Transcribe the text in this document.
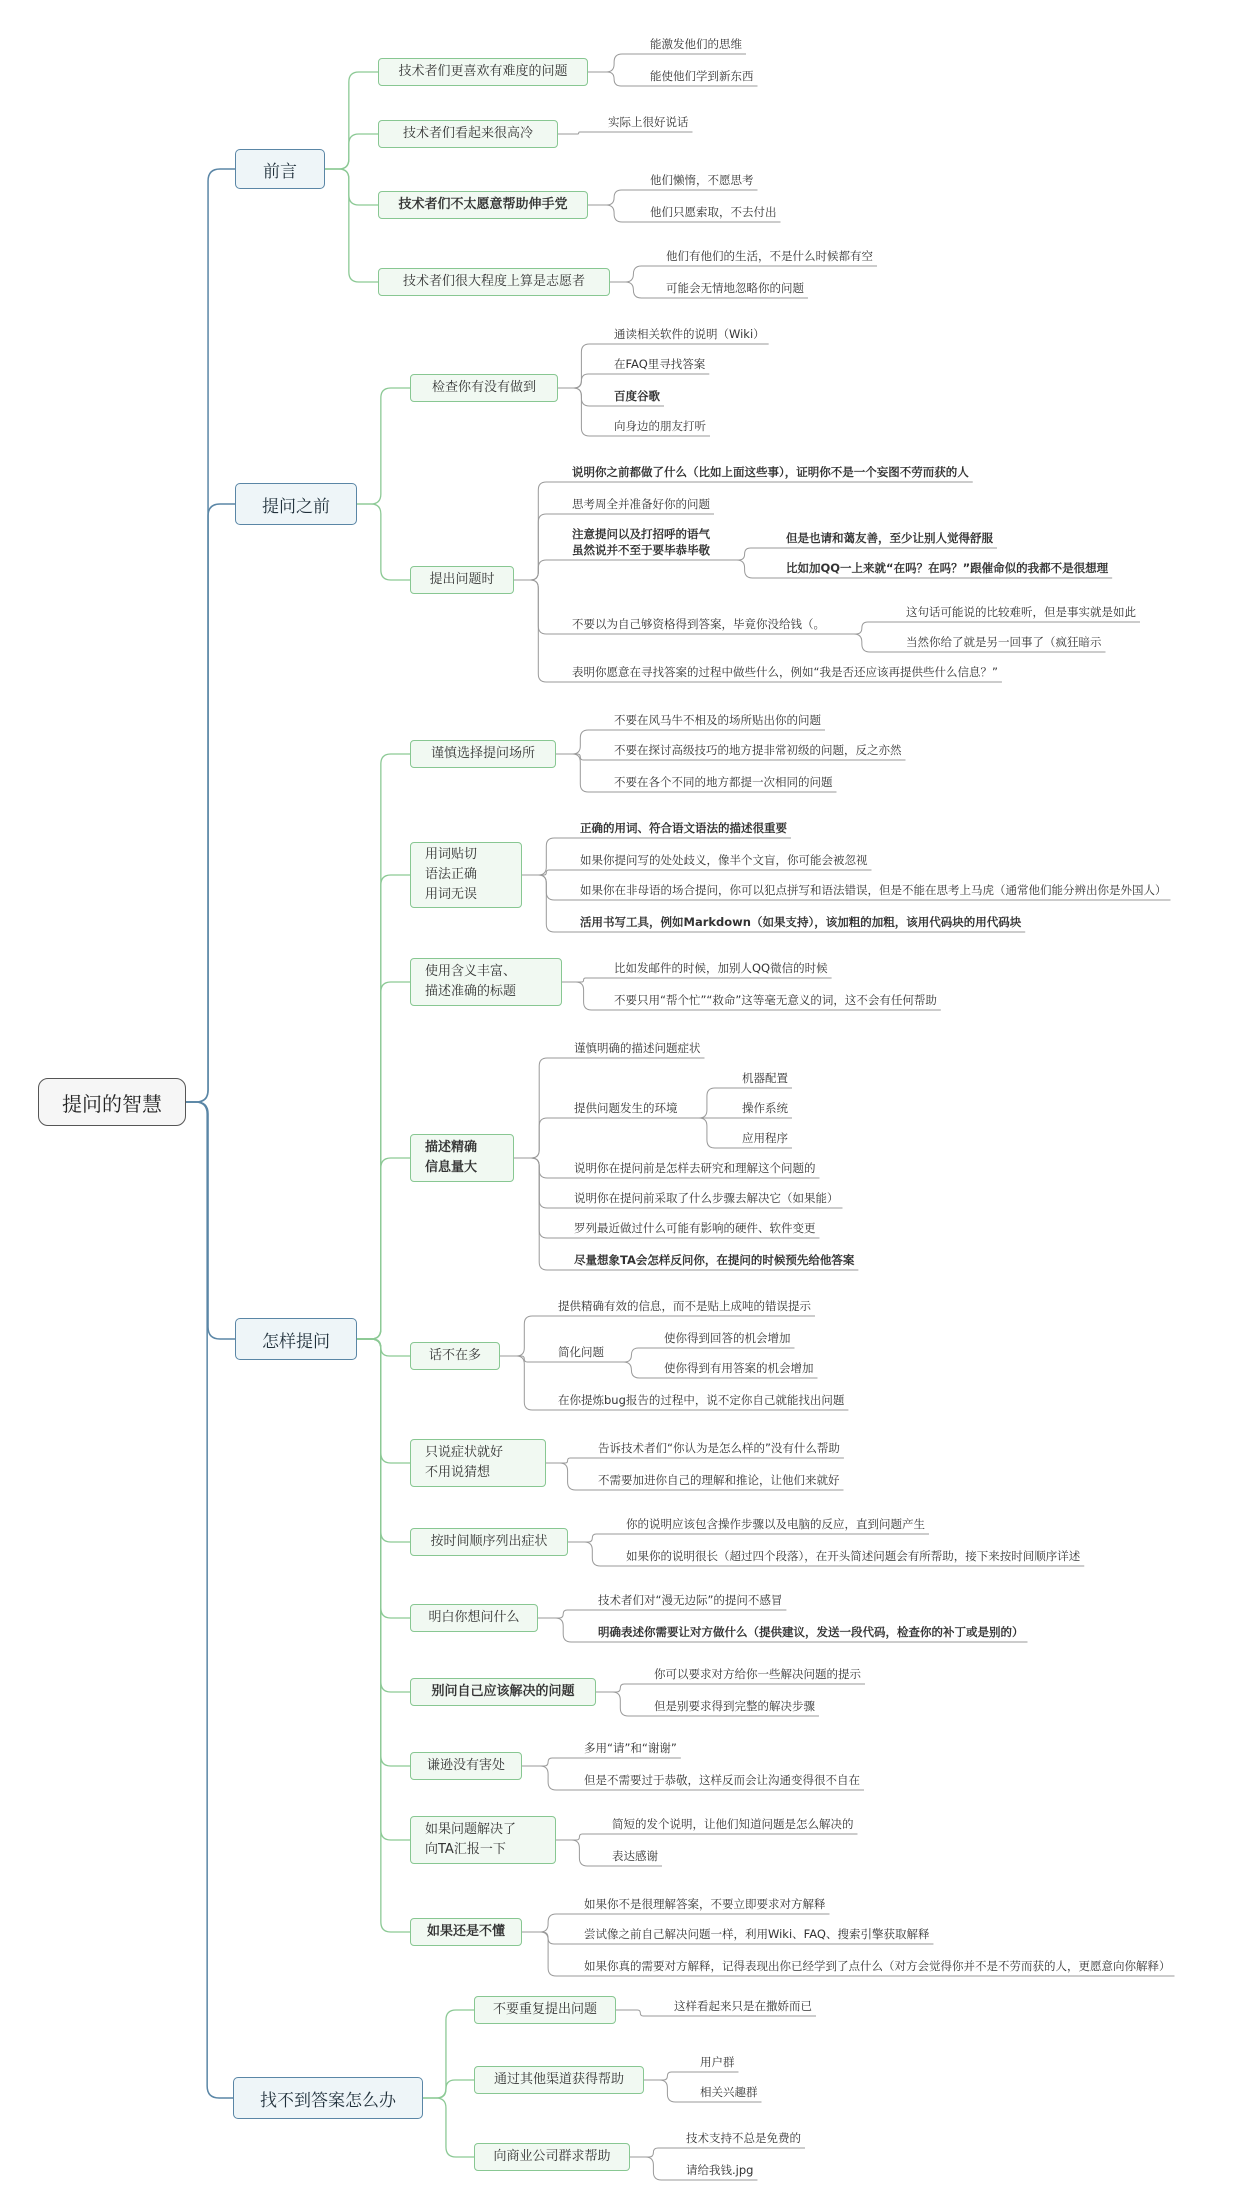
提问的智慧
前言
提问之前
怎样提问
找不到答案怎么办
技术者们更喜欢有难度的问题
技术者们看起来很高冷
技术者们不太愿意帮助伸手党
技术者们很大程度上算是志愿者
检查你有没有做到
提出问题时
谨慎选择提问场所
用词贴切
语法正确
用词无误
使用含义丰富、
描述准确的标题
描述精确
信息量大
话不在多
只说症状就好
不用说猜想
按时间顺序列出症状
明白你想问什么
别问自己应该解决的问题
谦逊没有害处
如果问题解决了
向TA汇报一下
如果还是不懂
不要重复提出问题
通过其他渠道获得帮助
向商业公司群求帮助
能激发他们的思维
能使他们学到新东西
实际上很好说话
他们懒惰，不愿思考
他们只愿索取，不去付出
他们有他们的生活，不是什么时候都有空
可能会无情地忽略你的问题
通读相关软件的说明（Wiki）
在FAQ里寻找答案
百度谷歌
向身边的朋友打听
说明你之前都做了什么（比如上面这些事），证明你不是一个妄图不劳而获的人
思考周全并准备好你的问题
注意提问以及打招呼的语气
虽然说并不至于要毕恭毕敬
但是也请和蔼友善，至少让别人觉得舒服
比如加QQ一上来就“在吗？在吗？”跟催命似的我都不是很想理
不要以为自己够资格得到答案，毕竟你没给钱（。
这句话可能说的比较难听，但是事实就是如此
当然你给了就是另一回事了（疯狂暗示
表明你愿意在寻找答案的过程中做些什么，例如“我是否还应该再提供些什么信息？”
不要在风马牛不相及的场所贴出你的问题
不要在探讨高级技巧的地方提非常初级的问题，反之亦然
不要在各个不同的地方都提一次相同的问题
正确的用词、符合语文语法的描述很重要
如果你提问写的处处歧义，像半个文盲，你可能会被忽视
如果你在非母语的场合提问，你可以犯点拼写和语法错误，但是不能在思考上马虎（通常他们能分辨出你是外国人）
活用书写工具，例如Markdown（如果支持），该加粗的加粗，该用代码块的用代码块
比如发邮件的时候，加别人QQ微信的时候
不要只用“帮个忙”“救命”这等毫无意义的词，这不会有任何帮助
谨慎明确的描述问题症状
提供问题发生的环境
机器配置
操作系统
应用程序
说明你在提问前是怎样去研究和理解这个问题的
说明你在提问前采取了什么步骤去解决它（如果能）
罗列最近做过什么可能有影响的硬件、软件变更
尽量想象TA会怎样反问你，在提问的时候预先给他答案
提供精确有效的信息，而不是贴上成吨的错误提示
简化问题
使你得到回答的机会增加
使你得到有用答案的机会增加
在你提炼bug报告的过程中，说不定你自己就能找出问题
告诉技术者们“你认为是怎么样的”没有什么帮助
不需要加进你自己的理解和推论，让他们来就好
你的说明应该包含操作步骤以及电脑的反应，直到问题产生
如果你的说明很长（超过四个段落），在开头简述问题会有所帮助，接下来按时间顺序详述
技术者们对“漫无边际”的提问不感冒
明确表述你需要让对方做什么（提供建议，发送一段代码，检查你的补丁或是别的）
你可以要求对方给你一些解决问题的提示
但是别要求得到完整的解决步骤
多用“请”和“谢谢”
但是不需要过于恭敬，这样反而会让沟通变得很不自在
简短的发个说明，让他们知道问题是怎么解决的
表达感谢
如果你不是很理解答案，不要立即要求对方解释
尝试像之前自己解决问题一样，利用Wiki、FAQ、搜索引擎获取解释
如果你真的需要对方解释，记得表现出你已经学到了点什么（对方会觉得你并不是不劳而获的人，更愿意向你解释）
这样看起来只是在撒娇而已
用户群
相关兴趣群
技术支持不总是免费的
请给我钱.jpg
